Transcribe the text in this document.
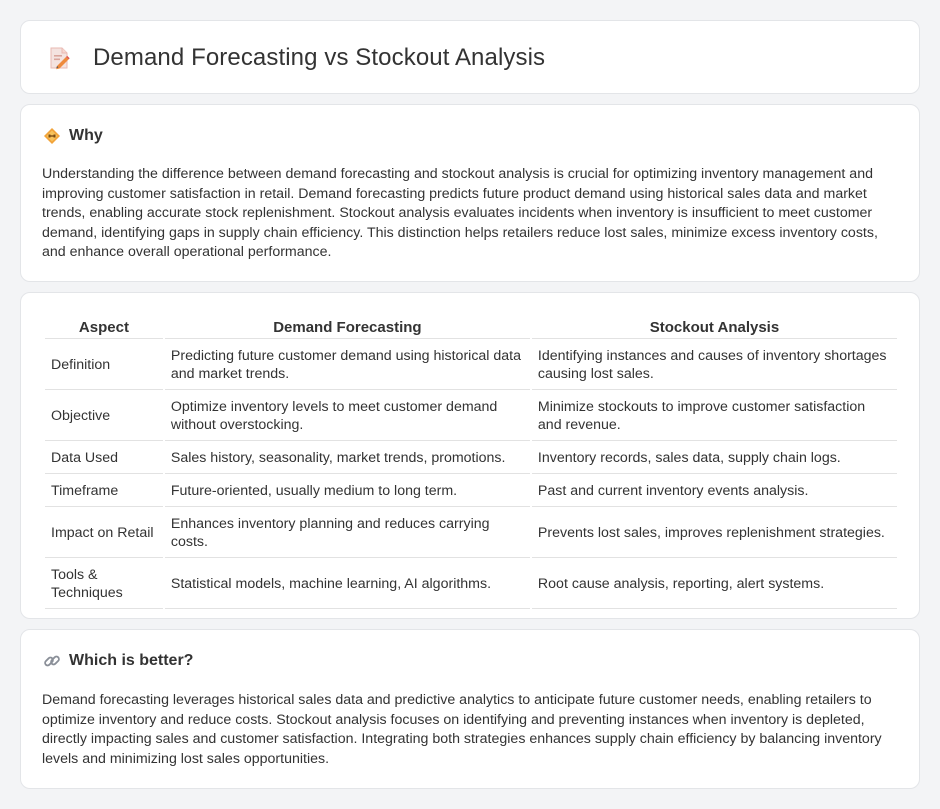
Demand Forecasting vs Stockout Analysis
Why

Understanding the difference between demand forecasting and stockout analysis is crucial for optimizing inventory management and improving customer satisfaction in retail. Demand forecasting predicts future product demand using historical sales data and market trends, enabling accurate stock replenishment. Stockout analysis evaluates incidents when inventory is insufficient to meet customer demand, identifying gaps in supply chain efficiency. This distinction helps retailers reduce lost sales, minimize excess inventory costs, and enhance overall operational performance.

Aspect	Demand Forecasting	Stockout Analysis
Definition	Predicting future customer demand using historical data and market trends.	Identifying instances and causes of inventory shortages causing lost sales.
Objective	Optimize inventory levels to meet customer demand without overstocking.	Minimize stockouts to improve customer satisfaction and revenue.
Data Used	Sales history, seasonality, market trends, promotions.	Inventory records, sales data, supply chain logs.
Timeframe	Future-oriented, usually medium to long term.	Past and current inventory events analysis.
Impact on Retail	Enhances inventory planning and reduces carrying costs.	Prevents lost sales, improves replenishment strategies.
Tools & Techniques	Statistical models, machine learning, AI algorithms.	Root cause analysis, reporting, alert systems.
Which is better?

Demand forecasting leverages historical sales data and predictive analytics to anticipate future customer needs, enabling retailers to optimize inventory and reduce costs. Stockout analysis focuses on identifying and preventing instances when inventory is depleted, directly impacting sales and customer satisfaction. Integrating both strategies enhances supply chain efficiency by balancing inventory levels and minimizing lost sales opportunities.
